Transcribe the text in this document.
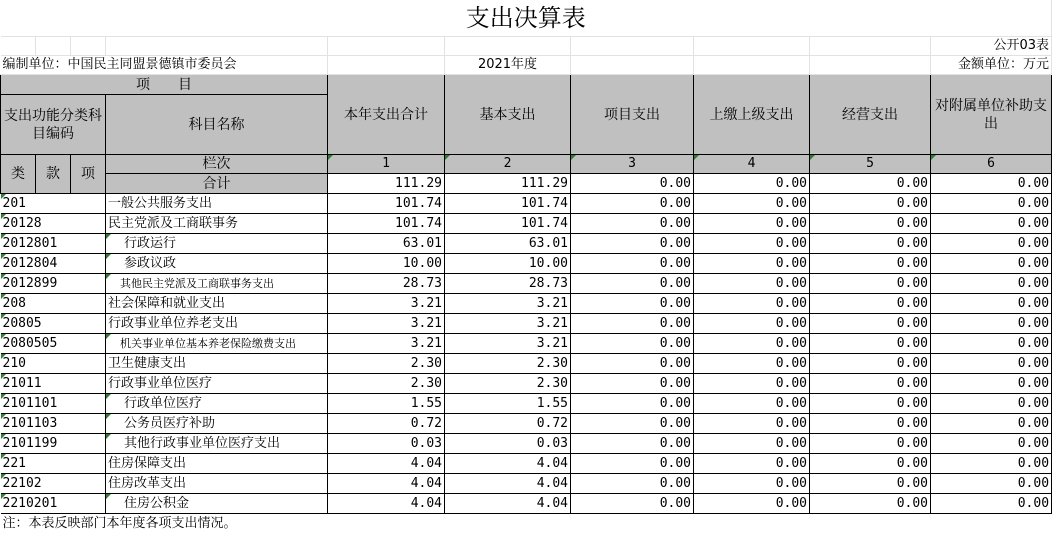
支出决算表									
									公开03表
编制单位：中国民主同盟景德镇市委员会					2021年度				金额单位：万元
项　　目				本年支出合计	基本支出	项目支出	上缴上级支出	经营支出	对附属单位补助支出
支出功能分类科目编码			科目名称						

类	款	项	栏次	1	2	3	4	5	6
			合计	111.29	111.29	0.00	0.00	0.00	0.00
201			一般公共服务支出	101.74	101.74	0.00	0.00	0.00	0.00
20128			民主党派及工商联事务	101.74	101.74	0.00	0.00	0.00	0.00
2012801			行政运行	63.01	63.01	0.00	0.00	0.00	0.00
2012804			参政议政	10.00	10.00	0.00	0.00	0.00	0.00
2012899			其他民主党派及工商联事务支出	28.73	28.73	0.00	0.00	0.00	0.00
208			社会保障和就业支出	3.21	3.21	0.00	0.00	0.00	0.00
20805			行政事业单位养老支出	3.21	3.21	0.00	0.00	0.00	0.00
2080505			机关事业单位基本养老保险缴费支出	3.21	3.21	0.00	0.00	0.00	0.00
210			卫生健康支出	2.30	2.30	0.00	0.00	0.00	0.00
21011			行政事业单位医疗	2.30	2.30	0.00	0.00	0.00	0.00
2101101			行政单位医疗	1.55	1.55	0.00	0.00	0.00	0.00
2101103			公务员医疗补助	0.72	0.72	0.00	0.00	0.00	0.00
2101199			其他行政事业单位医疗支出	0.03	0.03	0.00	0.00	0.00	0.00
221			住房保障支出	4.04	4.04	0.00	0.00	0.00	0.00
22102			住房改革支出	4.04	4.04	0.00	0.00	0.00	0.00
2210201			住房公积金	4.04	4.04	0.00	0.00	0.00	0.00
注：本表反映部门本年度各项支出情况。									
